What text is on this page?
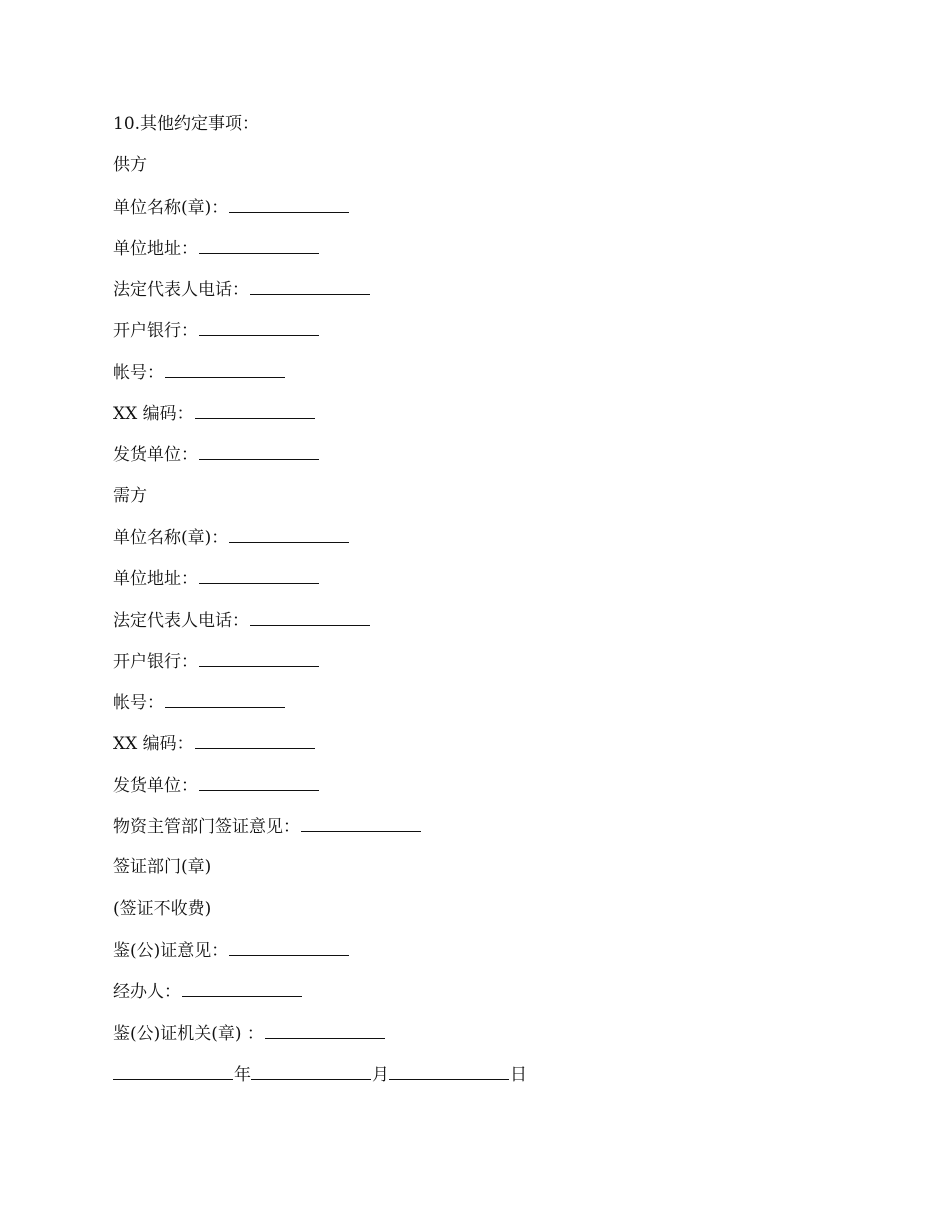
10.其他约定事项：
供方
单位名称(章)：
单位地址：
法定代表人电话：
开户银行：
帐号：
XX 编码：
发货单位：
需方
单位名称(章)：
单位地址：
法定代表人电话：
开户银行：
帐号：
XX 编码：
发货单位：
物资主管部门签证意见：
签证部门(章)
(签证不收费)
鉴(公)证意见：
经办人：
鉴(公)证机关(章) ：
年	月	日
